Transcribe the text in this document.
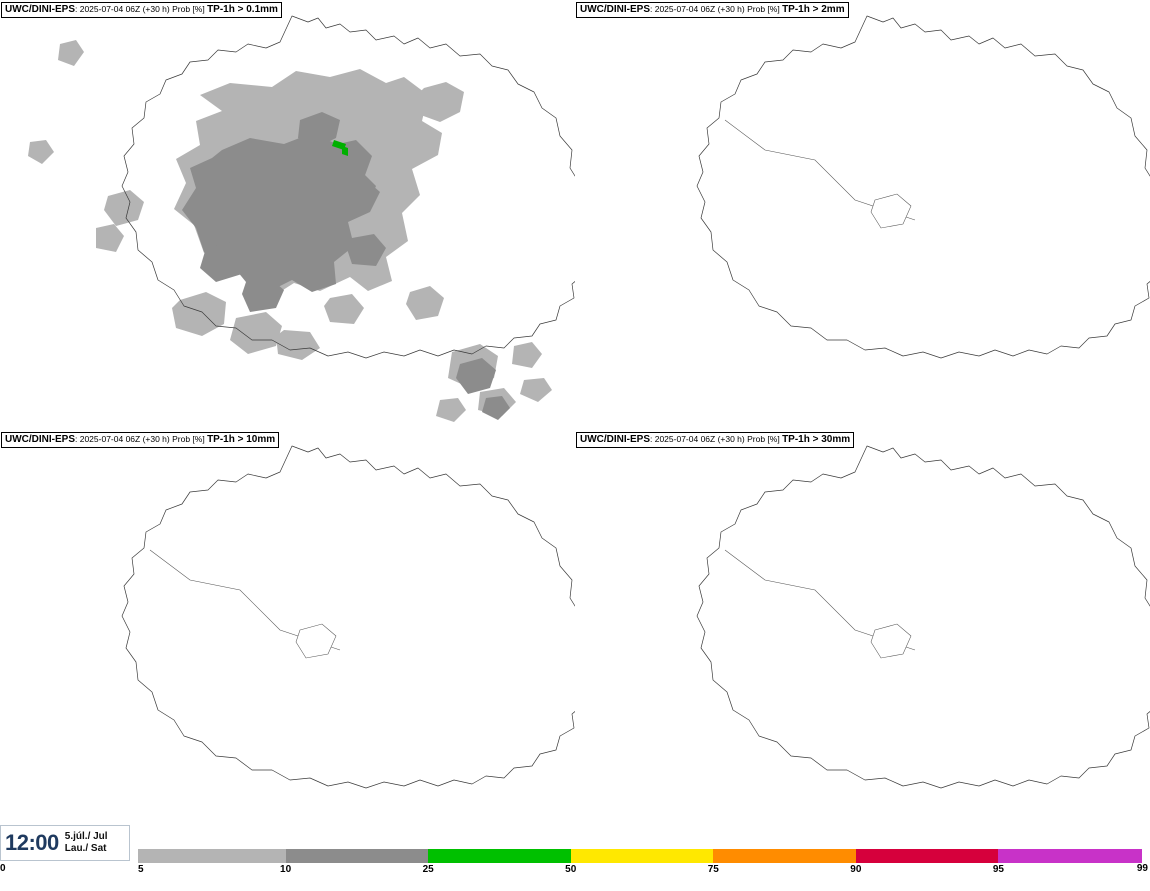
UWC/DINI-EPS: 2025-07-04 06Z (+30 h) Prob [%] TP-1h > 0.1mm	UWC/DINI-EPS: 2025-07-04 06Z (+30 h) Prob [%] TP-1h > 2mm
UWC/DINI-EPS: 2025-07-04 06Z (+30 h) Prob [%] TP-1h > 10mm	UWC/DINI-EPS: 2025-07-04 06Z (+30 h) Prob [%] TP-1h > 30mm
12:00 5.júl./ Jul
Lau./ Sat
5	10	25	50	75	90	95
0	99
